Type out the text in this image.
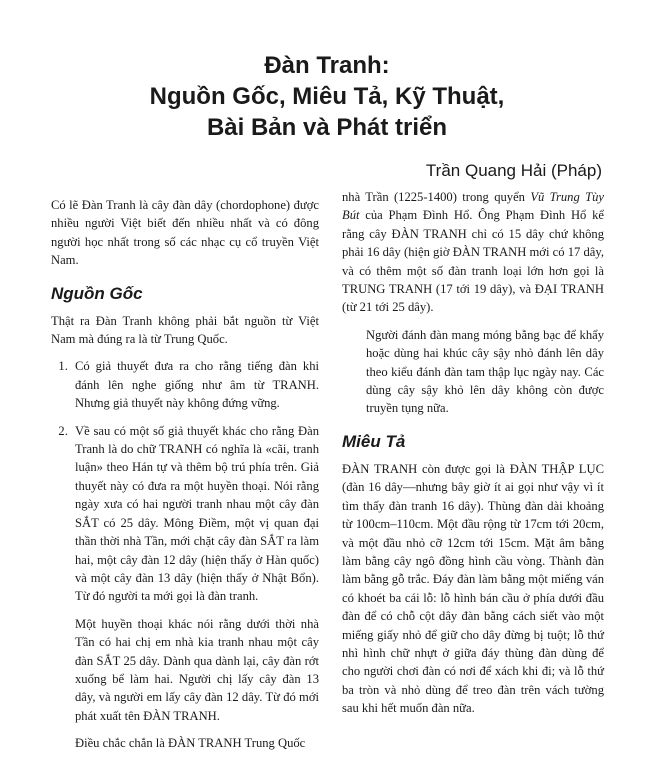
Đàn Tranh:
Nguồn Gốc, Miêu Tả, Kỹ Thuật,
Bài Bản và Phát triển
Trần Quang Hải (Pháp)

Có lẽ Đàn Tranh là cây đàn dây (chordophone) được nhiều người Việt biết đến nhiều nhất và có đông người học nhất trong số các nhạc cụ cổ truyền Việt Nam.

Nguồn Gốc

Thật ra Đàn Tranh không phải bắt nguồn từ Việt Nam mà đúng ra là từ Trung Quốc.

1. Có giả thuyết đưa ra cho rằng tiếng đàn khi đánh lên nghe giống như âm từ TRANH. Nhưng giả thuyết này không đứng vững.

2. Về sau có một số giả thuyết khác cho rằng Đàn Tranh là do chữ TRANH có nghĩa là «cãi, tranh luận» theo Hán tự và thêm bộ trú phía trên. Giả thuyết này có đưa ra một huyền thoại. Nói rằng ngày xưa có hai người tranh nhau một cây đàn SẮT có 25 dây. Mông Điềm, một vị quan đại thần thời nhà Tần, mới chặt cây đàn SẮT ra làm hai, một cây đàn 12 dây (hiện thấy ở Hàn quốc) và một cây đàn 13 dây (hiện thấy ở Nhật Bổn). Từ đó người ta mới gọi là đàn tranh.

Một huyền thoại khác nói rằng dưới thời nhà Tần có hai chị em nhà kia tranh nhau một cây đàn SẮT 25 dây. Dành qua dành lại, cây đàn rớt xuống bể làm hai. Người chị lấy cây đàn 13 dây, và người em lấy cây đàn 12 dây. Từ đó mới phát xuất tên ĐÀN TRANH.

Điều chắc chắn là ĐÀN TRANH Trung Quốc

nhà Trần (1225-1400) trong quyển Vũ Trung Tùy Bút của Phạm Đình Hổ. Ông Phạm Đình Hổ kể rằng cây ĐÀN TRANH chỉ có 15 dây chứ không phải 16 dây (hiện giờ ĐÀN TRANH mới có 17 dây, và có thêm một số đàn tranh loại lớn hơn gọi là TRUNG TRANH (17 tới 19 dây), và ĐẠI TRANH (từ 21 tới 25 dây).

Người đánh đàn mang móng bằng bạc để khẩy hoặc dùng hai khúc cây sậy nhỏ đánh lên dây theo kiểu đánh đàn tam thập lục ngày nay. Các dùng cây sậy khỏ lên dây không còn được truyền tụng nữa.

Miêu Tả

ĐÀN TRANH còn được gọi là ĐÀN THẬP LỤC (đàn 16 dây—nhưng bây giờ ít ai gọi như vậy vì ít tìm thấy đàn tranh 16 dây). Thùng đàn dài khoảng từ 100cm–110cm. Một đầu rộng từ 17cm tới 20cm, và một đầu nhỏ cỡ 12cm tới 15cm. Mặt âm bằng làm bằng cây ngô đồng hình cầu vòng. Thành đàn làm bằng gỗ trắc. Đáy đàn làm bằng một miếng ván có khoét ba cái lỗ: lỗ hình bán cầu ở phía dưới đầu đàn để có chỗ cột dây đàn bằng cách siết vào một miếng giấy nhỏ để giữ cho dây đừng bị tuột; lỗ thứ nhì hình chữ nhựt ở giữa đáy thùng đàn dùng để cho người chơi đàn có nơi để xách khi đi; và lỗ thứ ba tròn và nhỏ dùng để treo đàn trên vách tường sau khi hết muốn đàn nữa.
